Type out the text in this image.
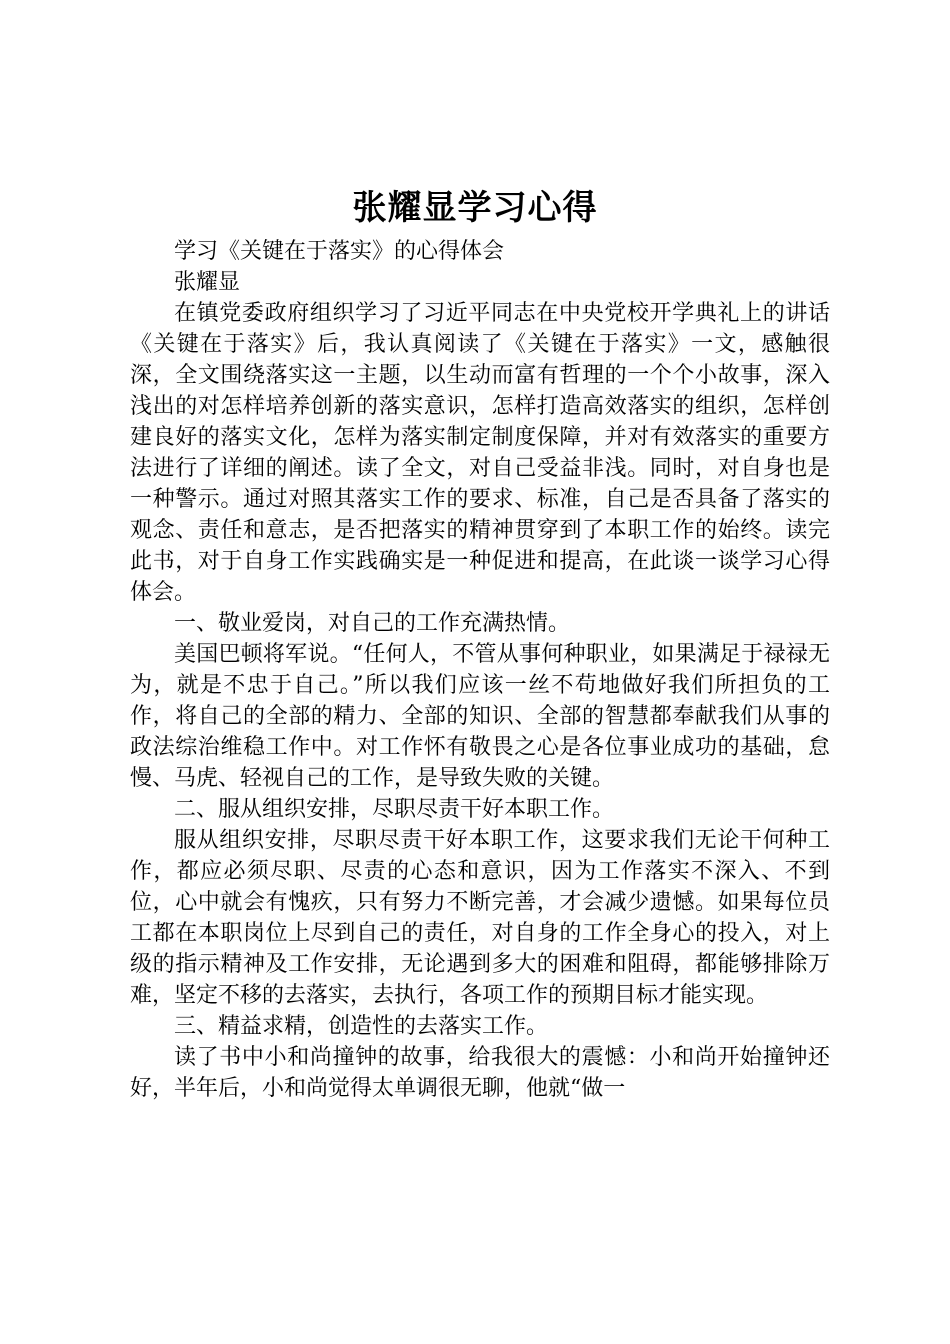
张耀显学习心得

学习《关键在于落实》的心得体会

张耀显

在镇党委政府组织学习了习近平同志在中央党校开学典礼上的讲话《关键在于落实》后，我认真阅读了《关键在于落实》一文，感触很深，全文围绕落实这一主题，以生动而富有哲理的一个个小故事，深入浅出的对怎样培养创新的落实意识，怎样打造高效落实的组织，怎样创建良好的落实文化，怎样为落实制定制度保障，并对有效落实的重要方法进行了详细的阐述。读了全文，对自己受益非浅。同时，对自身也是一种警示。通过对照其落实工作的要求、标准，自己是否具备了落实的观念、责任和意志，是否把落实的精神贯穿到了本职工作的始终。读完此书，对于自身工作实践确实是一种促进和提高，在此谈一谈学习心得体会。

一、敬业爱岗，对自己的工作充满热情。

美国巴顿将军说。“任何人，不管从事何种职业，如果满足于禄禄无为，就是不忠于自己。”所以我们应该一丝不苟地做好我们所担负的工作，将自己的全部的精力、全部的知识、全部的智慧都奉献我们从事的政法综治维稳工作中。对工作怀有敬畏之心是各位事业成功的基础，怠慢、马虎、轻视自己的工作，是导致失败的关键。

二、服从组织安排，尽职尽责干好本职工作。

服从组织安排，尽职尽责干好本职工作，这要求我们无论干何种工作，都应必须尽职、尽责的心态和意识，因为工作落实不深入、不到位，心中就会有愧疚，只有努力不断完善，才会减少遗憾。如果每位员工都在本职岗位上尽到自己的责任，对自身的工作全身心的投入，对上级的指示精神及工作安排，无论遇到多大的困难和阻碍，都能够排除万难，坚定不移的去落实，去执行，各项工作的预期目标才能实现。

三、精益求精，创造性的去落实工作。

读了书中小和尚撞钟的故事，给我很大的震憾：小和尚开始撞钟还好，半年后，小和尚觉得太单调很无聊，他就“做一
